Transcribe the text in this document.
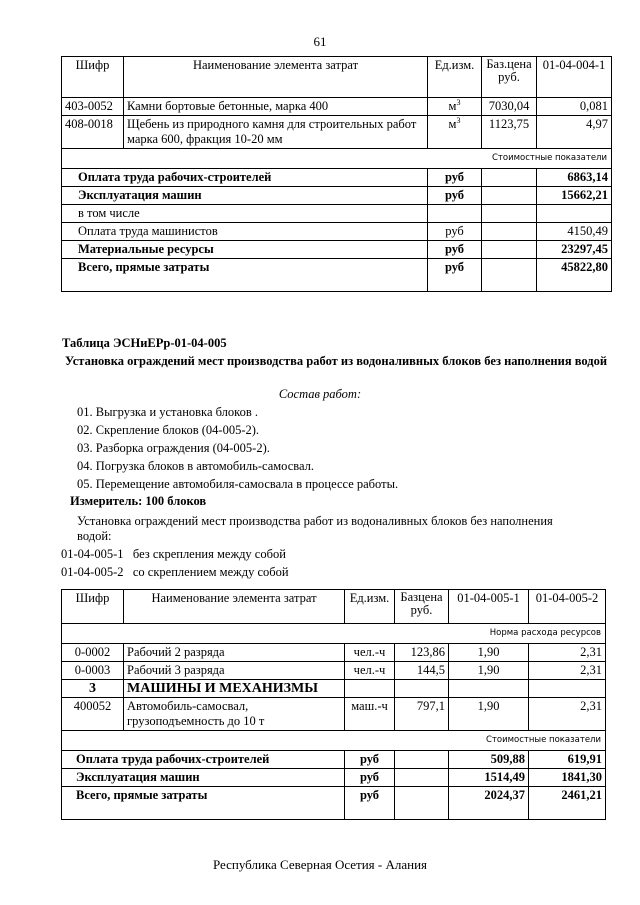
61
Шифр	Наименование элемента затрат	Ед.изм.	Баз.цена руб.	01-04-004-1
403-0052	Камни бортовые бетонные, марка 400	$м^3$	7030,04	0,081
408-0018	Щебень из природного камня для строительных работ марка 600, фракция 10-20 мм	$м^3$	1123,75	4,97
Стоимостные показатели				
Оплата труда рабочих-строителей		руб		6863,14
Эксплуатация машин		руб		15662,21
в том числе				
Оплата труда машинистов		руб		4150,49
Материальные ресурсы		руб		23297,45
Всего, прямые затраты		руб		45822,80
Таблица ЭСНиЕРр-01-04-005
Установка ограждений мест производства работ из водоналивных блоков без наполнения водой
Состав работ:
01. Выгрузка и установка блоков .
02. Скрепление блоков (04-005-2).
03. Разборка ограждения (04-005-2).
04. Погрузка блоков в автомобиль-самосвал.
05. Перемещение автомобиля-самосвала в процессе работы.
Измеритель: 100 блоков
Установка ограждений мест производства работ из водоналивных блоков без наполнения водой:
01-04-005-1 без скрепления между собой
01-04-005-2 со скреплением между собой
Шифр	Наименование элемента затрат	Ед.изм.	Базцена руб.	01-04-005-1	01-04-005-2
Норма расхода ресурсов					
0-0002	Рабочий 2 разряда	чел.-ч	123,86	1,90	2,31
0-0003	Рабочий 3 разряда	чел.-ч	144,5	1,90	2,31
3	МАШИНЫ И МЕХАНИЗМЫ				
400052	Автомобиль-самосвал, грузоподъемность до 10 т	маш.-ч	797,1	1,90	2,31
Стоимостные показатели					
Оплата труда рабочих-строителей		руб		509,88	619,91
Эксплуатация машин		руб		1514,49	1841,30
Всего, прямые затраты		руб		2024,37	2461,21
Республика Северная Осетия - Алания
